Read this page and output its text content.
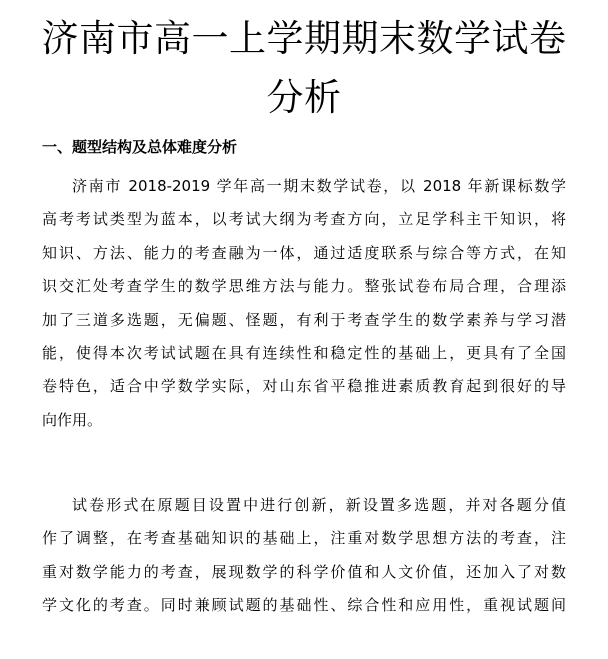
济南市高一上学期期末数学试卷
分析
一、题型结构及总体难度分析
济南市 2018-2019 学年高一期末数学试卷，以 2018 年新课标数学
高考考试类型为蓝本，以考试大纲为考查方向，立足学科主干知识，将
知识、方法、能力的考查融为一体，通过适度联系与综合等方式，在知
识交汇处考查学生的数学思维方法与能力。整张试卷布局合理，合理添
加了三道多选题，无偏题、怪题，有利于考查学生的数学素养与学习潜
能，使得本次考试试题在具有连续性和稳定性的基础上，更具有了全国
卷特色，适合中学数学实际，对山东省平稳推进素质教育起到很好的导
向作用。
试卷形式在原题目设置中进行创新，新设置多选题，并对各题分值
作了调整，在考查基础知识的基础上，注重对数学思想方法的考查，注
重对数学能力的考查，展现数学的科学价值和人文价值，还加入了对数
学文化的考查。同时兼顾试题的基础性、综合性和应用性，重视试题间
